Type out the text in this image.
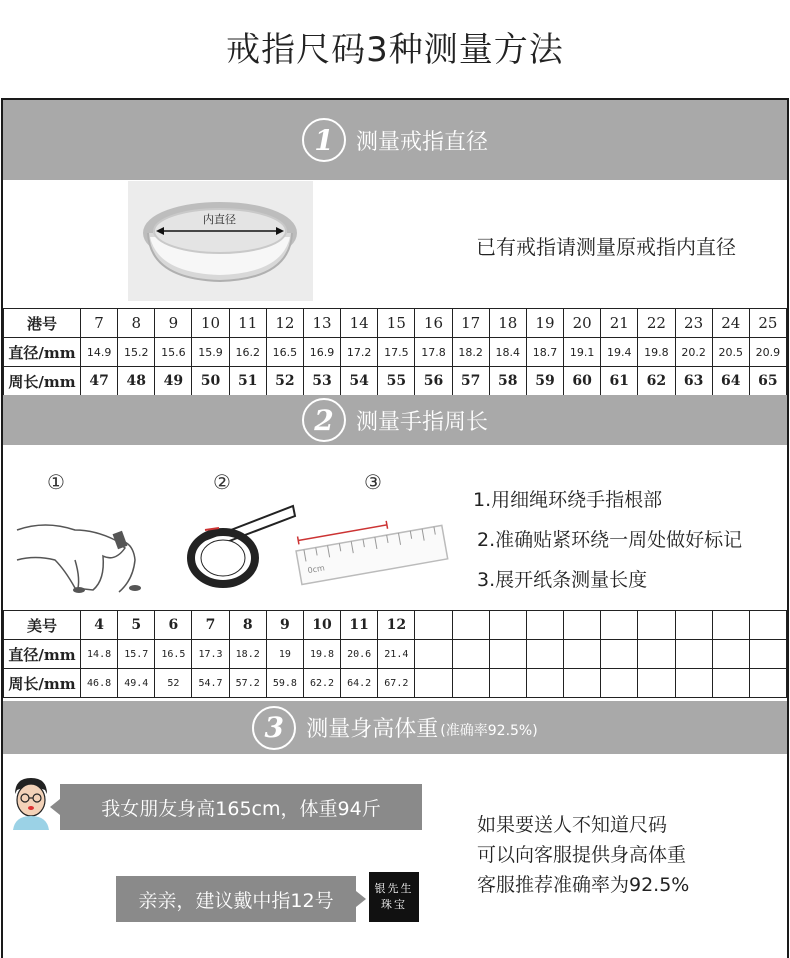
戒指尺码3种测量方法
1	测量戒指直径
内直径
已有戒指请测量原戒指内直径
港号	7	8	9	10	11	12	13	14	15	16	17	18	19	20	21	22	23	24	25
直径/mm	14.9	15.2	15.6	15.9	16.2	16.5	16.9	17.2	17.5	17.8	18.2	18.4	18.7	19.1	19.4	19.8	20.2	20.5	20.9
周长/mm	47	48	49	50	51	52	53	54	55	56	57	58	59	60	61	62	63	64	65
2	测量手指周长
①	②	③
0cm
1.用细绳环绕手指根部
2.准确贴紧环绕一周处做好标记
3.展开纸条测量长度
美号	4	5	6	7	8	9	10	11	12										
直径/mm	14.8	15.7	16.5	17.3	18.2	19	19.8	20.6	21.4										
周长/mm	46.8	49.4	52	54.7	57.2	59.8	62.2	64.2	67.2										
3	测量身高体重 (准确率92.5%)
我女朋友身高165cm，体重94斤
亲亲，建议戴中指12号
银先生
珠宝
如果要送人不知道尺码
可以向客服提供身高体重
客服推荐准确率为92.5%
